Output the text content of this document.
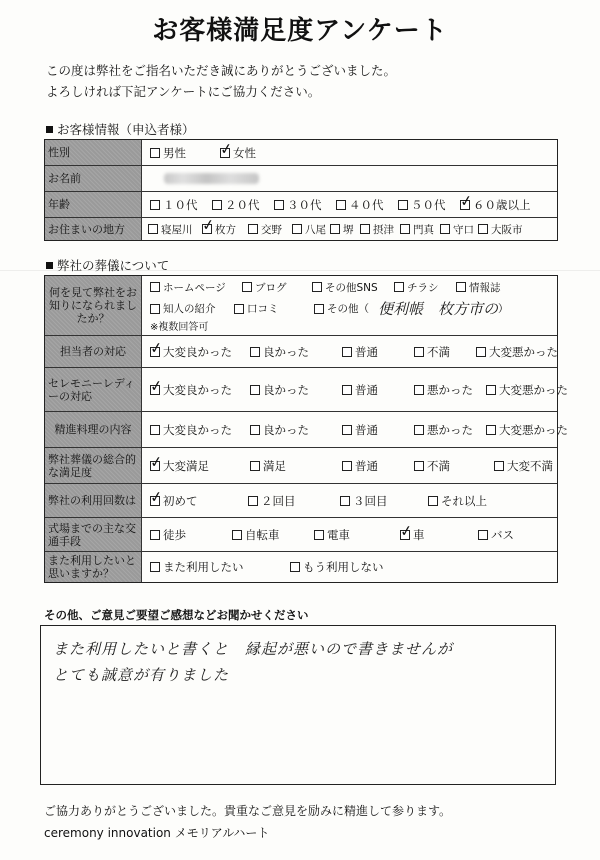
お客様満足度アンケート
この度は弊社をご指名いただき誠にありがとうございました。
よろしければ下記アンケートにご協力ください。
お客様情報（申込者様）
性別	男性 ✓	女性
お名前
年齢	１０代 ２０代 ３０代 ４０代 ５０代 ✓ ６０歳以上
お住まいの地方	寝屋川 ✓ 枚方 交野 八尾 堺 摂津 門真 守口 大阪市
弊社の葬儀について
何を見て弊社をお知りになられましたか？
ホームページ	ブログ	その他SNS	チラシ	情報誌
知人の紹介	口コミ	その他（ 便利帳　枚方市の ）
※複数回答可
担当者の対応 ✓	大変良かった	良かった	普通	不満	大変悪かった
セレモニーレディーの対応 ✓	大変良かった	良かった	普通	悪かった 大変悪かった
精進料理の内容	大変良かった	良かった	普通	悪かった 大変悪かった
弊社葬儀の総合的な満足度 ✓	大変満足	満足	普通	不満	大変不満
弊社の利用回数は ✓	初めて	２回目	３回目	それ以上
式場までの主な交通手段	徒歩	自転車	電車 ✓	車	バス
また利用したいと思いますか？	また利用したい	もう利用しない
その他、ご意見ご要望ご感想などお聞かせください
また利用したいと書くと　縁起が悪いので書きませんが
とても誠意が有りました
ご協力ありがとうございました。貴重なご意見を励みに精進して参ります。
ceremony innovation メモリアルハート
